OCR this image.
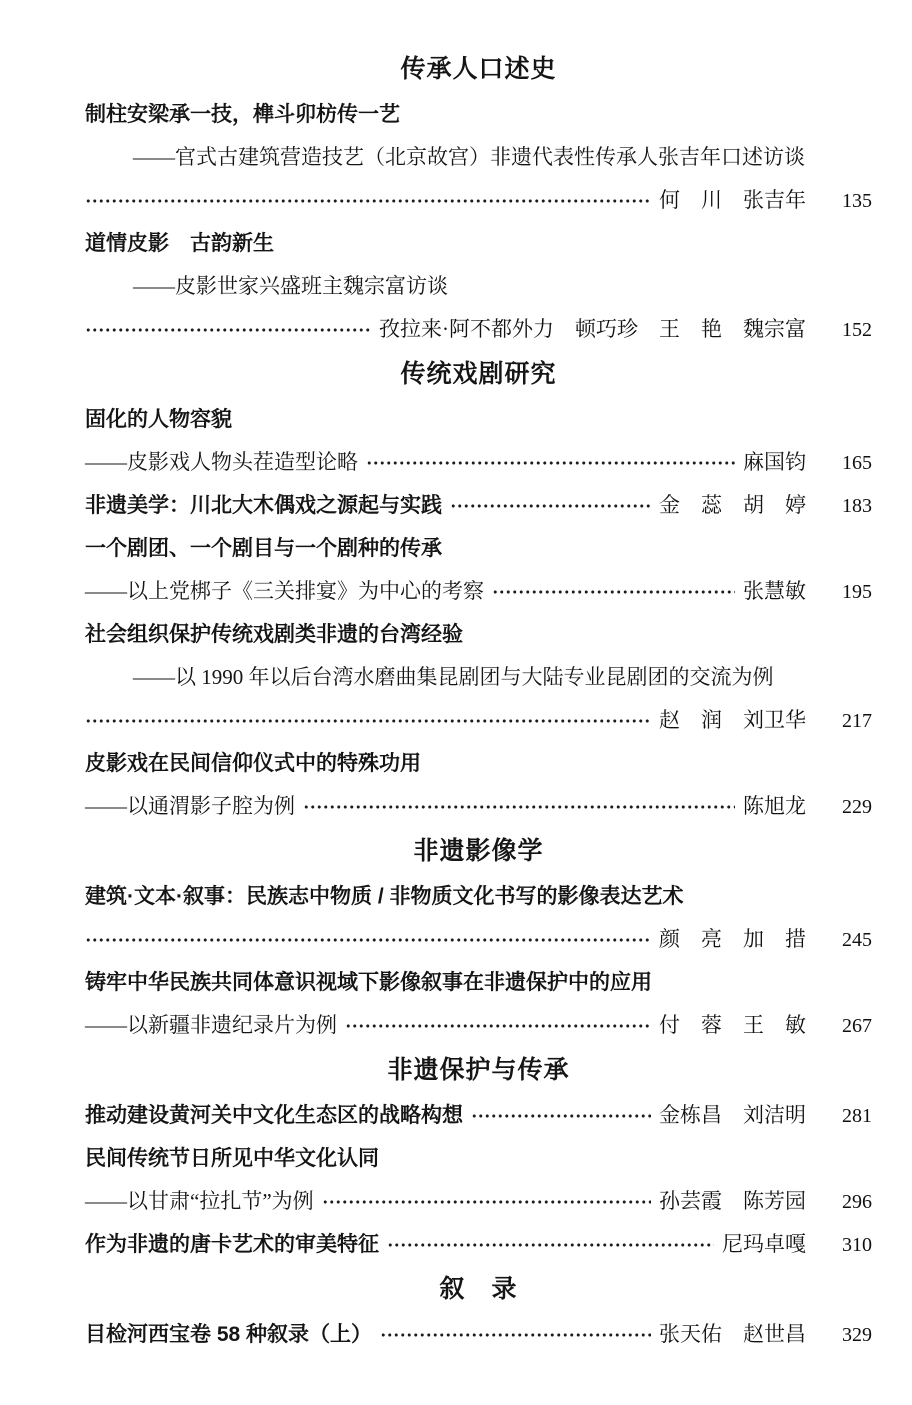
传承人口述史
制柱安梁承一技，榫斗卯枋传一艺
——官式古建筑营造技艺（北京故宫）非遗代表性传承人张吉年口述访谈
何　川　张吉年	135
道情皮影　古韵新生
——皮影世家兴盛班主魏宗富访谈
孜拉来·阿不都外力　顿巧珍　王　艳　魏宗富	152
传统戏剧研究
固化的人物容貌
——皮影戏人物头茬造型论略	麻国钧	165
非遗美学：川北大木偶戏之源起与实践	金　蕊　胡　婷	183
一个剧团、一个剧目与一个剧种的传承
——以上党梆子《三关排宴》为中心的考察	张慧敏	195
社会组织保护传统戏剧类非遗的台湾经验
——以 1990 年以后台湾水磨曲集昆剧团与大陆专业昆剧团的交流为例
赵　润　刘卫华	217
皮影戏在民间信仰仪式中的特殊功用
——以通渭影子腔为例	陈旭龙	229
非遗影像学
建筑·文本·叙事：民族志中物质 / 非物质文化书写的影像表达艺术
颜　亮　加　措	245
铸牢中华民族共同体意识视域下影像叙事在非遗保护中的应用
——以新疆非遗纪录片为例	付　蓉　王　敏	267
非遗保护与传承
推动建设黄河关中文化生态区的战略构想	金栋昌　刘洁明	281
民间传统节日所见中华文化认同
——以甘肃“拉扎节”为例	孙芸霞　陈芳园	296
作为非遗的唐卡艺术的审美特征	尼玛卓嘎	310
叙　录
目检河西宝卷 58 种叙录（上）	张天佑　赵世昌	329
